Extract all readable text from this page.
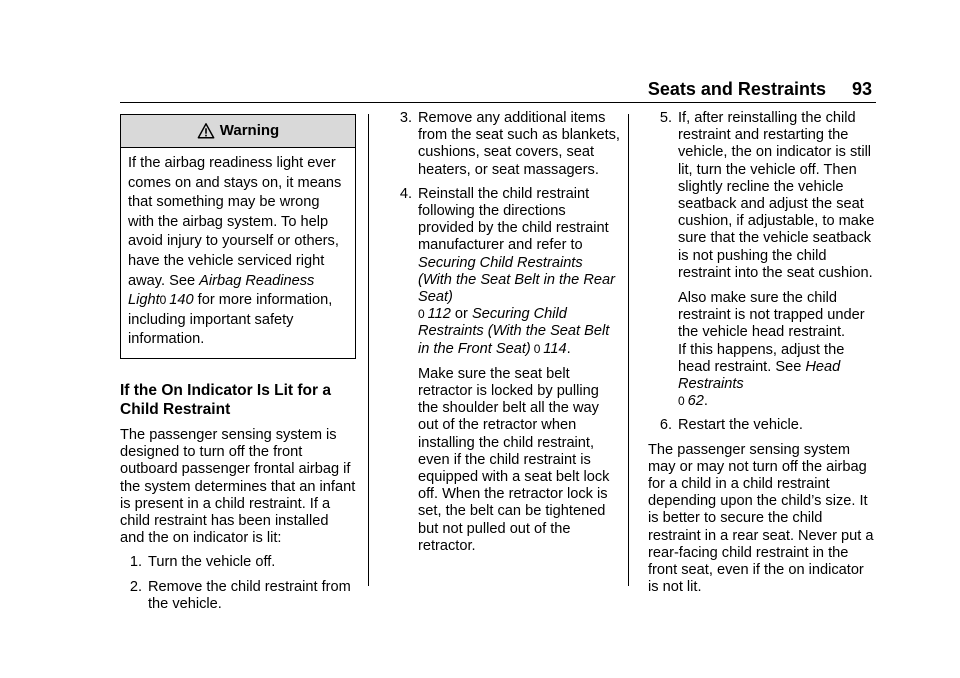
Seats and Restraints 93
Warning
If the airbag readiness light ever comes on and stays on, it means that something may be wrong with the airbag system. To help avoid injury to yourself or others, have the vehicle serviced right away. See Airbag Readiness Light0  140 for more information, including important safety information.
If the On Indicator Is Lit for a Child Restraint

The passenger sensing system is designed to turn off the front outboard passenger frontal airbag if the system determines that an infant is present in a child restraint. If a child restraint has been installed and the on indicator is lit:

1. Turn the vehicle off.
2. Remove the child restraint from the vehicle.
3. Remove any additional items from the seat such as blankets, cushions, seat covers, seat heaters, or seat massagers.
4. Reinstall the child restraint following the directions provided by the child restraint manufacturer and refer to Securing Child Restraints (With the Seat Belt in the Rear Seat)
0  112 or Securing Child Restraints (With the Seat Belt in the Front Seat)  0  114.

Make sure the seat belt retractor is locked by pulling the shoulder belt all the way out of the retractor when installing the child restraint, even if the child restraint is equipped with a seat belt lock off. When the retractor lock is set, the belt can be tightened but not pulled out of the retractor.

5. If, after reinstalling the child restraint and restarting the vehicle, the on indicator is still lit, turn the vehicle off. Then slightly recline the vehicle seatback and adjust the seat cushion, if adjustable, to make sure that the vehicle seatback is not pushing the child restraint into the seat cushion.

Also make sure the child restraint is not trapped under the vehicle head restraint.
If this happens, adjust the head restraint. See Head Restraints
0  62.

6. Restart the vehicle.

The passenger sensing system may or may not turn off the airbag for a child in a child restraint depending upon the child’s size. It is better to secure the child restraint in a rear seat. Never put a rear-facing child restraint in the front seat, even if the on indicator is not lit.
